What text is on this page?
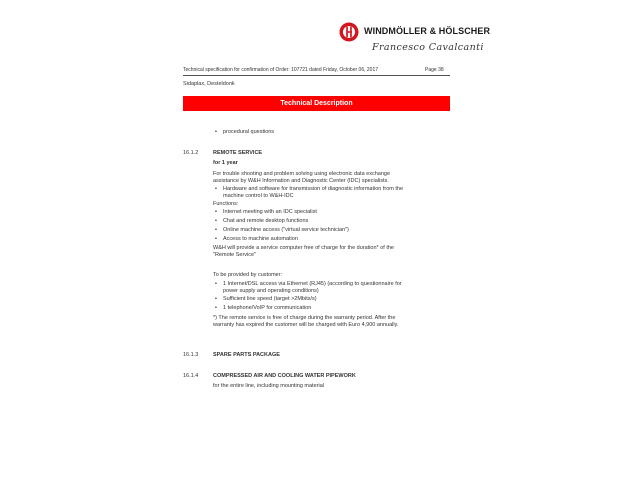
WINDMÖLLER & HÖLSCHER
Francesco Cavalcanti
Technical specification for confirmation of Order: 107721 dated Friday, October 06, 2017	Page 38
Sidaplax, Desteldonk
Technical Description
• procedural questions
16.1.2	REMOTE SERVICE
for 1 year
For trouble shooting and problem solving using electronic data exchange
assistance by W&H Information and Diagnostic Center (IDC) specialists.
• Hardware and software for transmission of diagnostic information from the
machine control to W&H-IDC
Functions:
• Internet meeting with an IDC specialist
• Chat and remote desktop functions
• Online machine access ("virtual service technician")
• Access to machine automation
W&H will provide a service computer free of charge for the duration* of the
"Remote Service"
To be provided by customer:
• 1 Internet/DSL access via Ethernet (RJ45) (according to questionnaire for
power supply and operating conditions)
• Sufficient line speed (target >2Mbits/s)
• 1 telephone/VoIP for communication
*) The remote service is free of charge during the warranty period. After the
warranty has expired the customer will be charged with Euro 4,900 annually.
16.1.3	SPARE PARTS PACKAGE
16.1.4	COMPRESSED AIR AND COOLING WATER PIPEWORK
for the entire line, including mounting material
